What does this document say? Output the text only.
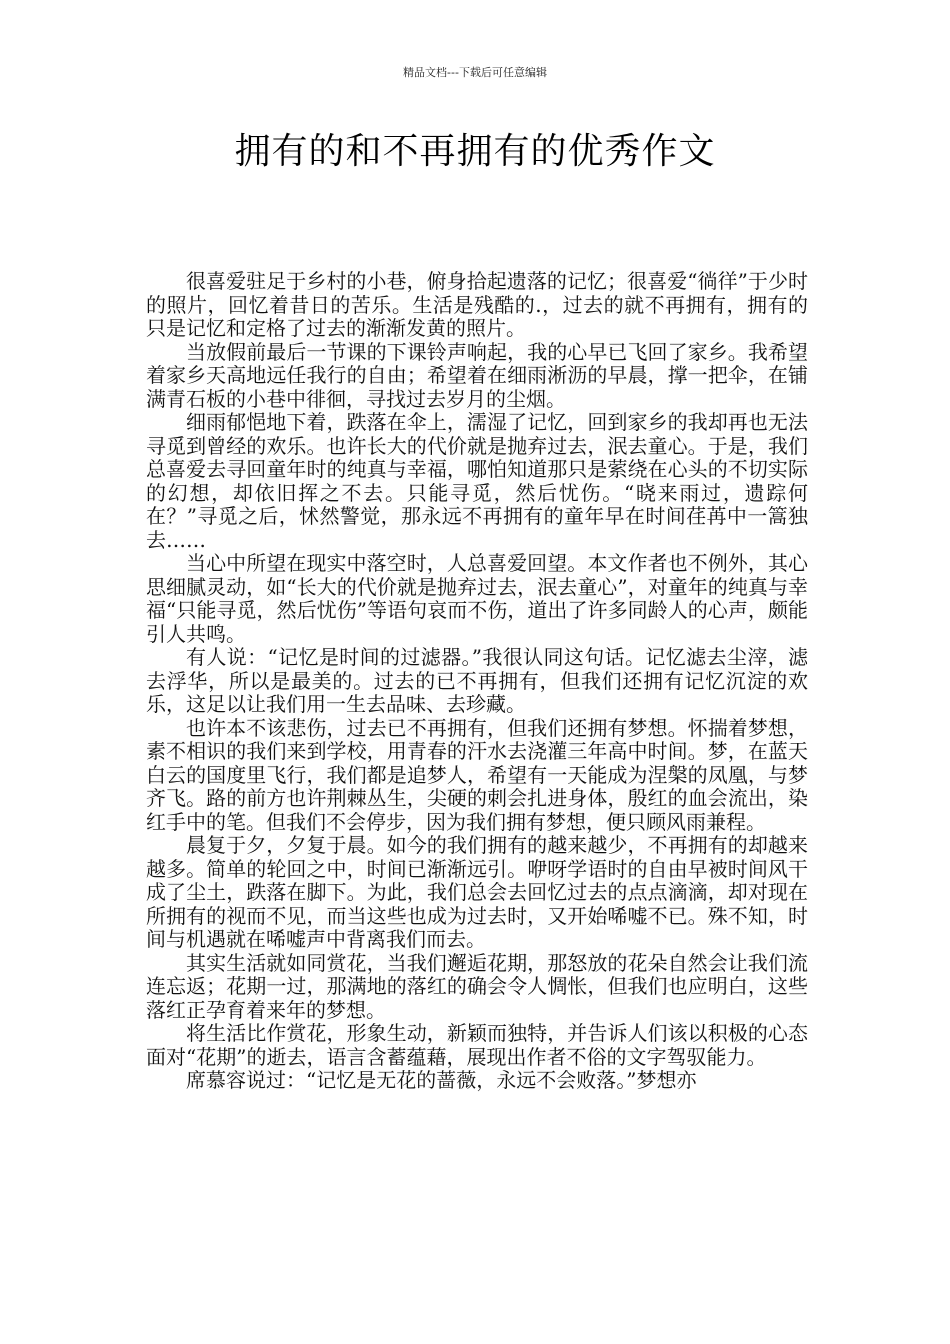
精品文档---下载后可任意编辑
拥有的和不再拥有的优秀作文

很喜爱驻足于乡村的小巷，俯身拾起遗落的记忆；很喜爱“徜徉”于少时的照片，回忆着昔日的苦乐。生活是残酷的.，过去的就不再拥有，拥有的只是记忆和定格了过去的渐渐发黄的照片。

当放假前最后一节课的下课铃声响起，我的心早已飞回了家乡。我希望着家乡天高地远任我行的自由；希望着在细雨淅沥的早晨，撑一把伞，在铺满青石板的小巷中徘徊，寻找过去岁月的尘烟。

细雨郁悒地下着，跌落在伞上，濡湿了记忆，回到家乡的我却再也无法寻觅到曾经的欢乐。也许长大的代价就是抛弃过去，泯去童心。于是，我们总喜爱去寻回童年时的纯真与幸福，哪怕知道那只是萦绕在心头的不切实际的幻想，却依旧挥之不去。只能寻觅，然后忧伤。“晓来雨过，遗踪何在？”寻觅之后，怵然警觉，那永远不再拥有的童年早在时间荏苒中一篙独去……

当心中所望在现实中落空时，人总喜爱回望。本文作者也不例外，其心思细腻灵动，如“长大的代价就是抛弃过去，泯去童心”，对童年的纯真与幸福“只能寻觅，然后忧伤”等语句哀而不伤，道出了许多同龄人的心声，颇能引人共鸣。

有人说：“记忆是时间的过滤器。”我很认同这句话。记忆滤去尘滓，滤去浮华，所以是最美的。过去的已不再拥有，但我们还拥有记忆沉淀的欢乐，这足以让我们用一生去品味、去珍藏。

也许本不该悲伤，过去已不再拥有，但我们还拥有梦想。怀揣着梦想，素不相识的我们来到学校，用青春的汗水去浇灌三年高中时间。梦，在蓝天白云的国度里飞行，我们都是追梦人，希望有一天能成为涅槃的凤凰，与梦齐飞。路的前方也许荆棘丛生，尖硬的刺会扎进身体，殷红的血会流出，染红手中的笔。但我们不会停步，因为我们拥有梦想，便只顾风雨兼程。

晨复于夕，夕复于晨。如今的我们拥有的越来越少，不再拥有的却越来越多。简单的轮回之中，时间已渐渐远引。咿呀学语时的自由早被时间风干成了尘土，跌落在脚下。为此，我们总会去回忆过去的点点滴滴，却对现在所拥有的视而不见，而当这些也成为过去时，又开始唏嘘不已。殊不知，时间与机遇就在唏嘘声中背离我们而去。

其实生活就如同赏花，当我们邂逅花期，那怒放的花朵自然会让我们流连忘返；花期一过，那满地的落红的确会令人惆怅，但我们也应明白，这些落红正孕育着来年的梦想。

将生活比作赏花，形象生动，新颖而独特，并告诉人们该以积极的心态面对“花期”的逝去，语言含蓄蕴藉，展现出作者不俗的文字驾驭能力。

席慕容说过：“记忆是无花的蔷薇，永远不会败落。”梦想亦
